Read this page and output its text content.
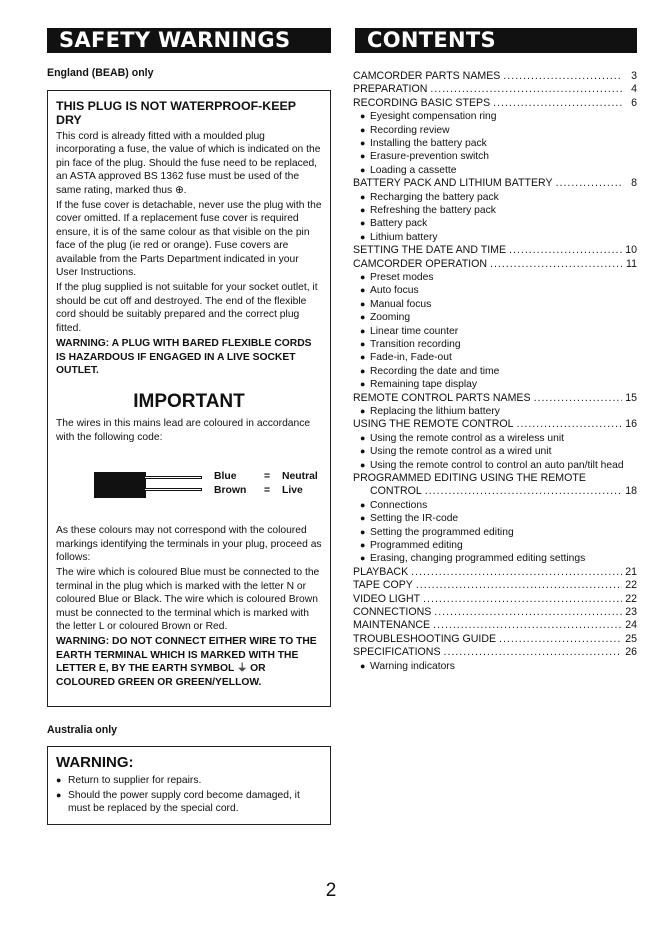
SAFETY WARNINGS	CONTENTS
England (BEAB) only
THIS PLUG IS NOT WATERPROOF-KEEP DRY

This cord is already fitted with a moulded plug incorporating a fuse, the value of which is indicated on the pin face of the plug. Should the fuse need to be replaced, an ASTA approved BS 1362 fuse must be used of the same rating, marked thus ⊕.

If the fuse cover is detachable, never use the plug with the cover omitted. If a replacement fuse cover is required ensure, it is of the same colour as that visible on the pin face of the plug (ie red or orange). Fuse covers are available from the Parts Department indicated in your User Instructions.

If the plug supplied is not suitable for your socket outlet, it should be cut off and destroyed. The end of the flexible cord should be suitably prepared and the correct plug fitted.

WARNING: A PLUG WITH BARED FLEXIBLE CORDS IS HAZARDOUS IF ENGAGED IN A LIVE SOCKET OUTLET.

IMPORTANT

The wires in this mains lead are coloured in accordance with the following code:

Blue	= Neutral
Brown = Live

As these colours may not correspond with the coloured markings identifying the terminals in your plug, proceed as follows:

The wire which is coloured Blue must be connected to the terminal in the plug which is marked with the letter N or coloured Blue or Black. The wire which is coloured Brown must be connected to the terminal which is marked with the letter L or coloured Brown or Red.

WARNING: DO NOT CONNECT EITHER WIRE TO THE EARTH TERMINAL WHICH IS MARKED WITH THE LETTER E, BY THE EARTH SYMBOL ⏚ OR COLOURED GREEN OR GREEN/YELLOW.

Australia only
WARNING:
● Return to supplier for repairs.
● Should the power supply cord become damaged, it must be replaced by the special cord.
CAMCORDER PARTS NAMES .....	3
PREPARATION .....	4
RECORDING BASIC STEPS .....	6
● Eyesight compensation ring
● Recording review
● Installing the battery pack
● Erasure-prevention switch
● Loading a cassette
BATTERY PACK AND LITHIUM BATTERY .....	8
● Recharging the battery pack
● Refreshing the battery pack
● Battery pack
● Lithium battery
SETTING THE DATE AND TIME .....	10
CAMCORDER OPERATION .....	11
● Preset modes
● Auto focus
● Manual focus
● Zooming
● Linear time counter
● Transition recording
● Fade-in, Fade-out
● Recording the date and time
● Remaining tape display
REMOTE CONTROL PARTS NAMES .....	15
● Replacing the lithium battery
USING THE REMOTE CONTROL .....	16
● Using the remote control as a wireless unit
● Using the remote control as a wired unit
● Using the remote control to control an auto pan/tilt head
PROGRAMMED EDITING USING THE REMOTE
CONTROL .....	18
● Connections
● Setting the IR-code
● Setting the programmed editing
● Programmed editing
● Erasing, changing programmed editing settings
PLAYBACK .....	21
TAPE COPY .....	22
VIDEO LIGHT .....	22
CONNECTIONS .....	23
MAINTENANCE .....	24
TROUBLESHOOTING GUIDE .....	25
SPECIFICATIONS .....	26
● Warning indicators
2
